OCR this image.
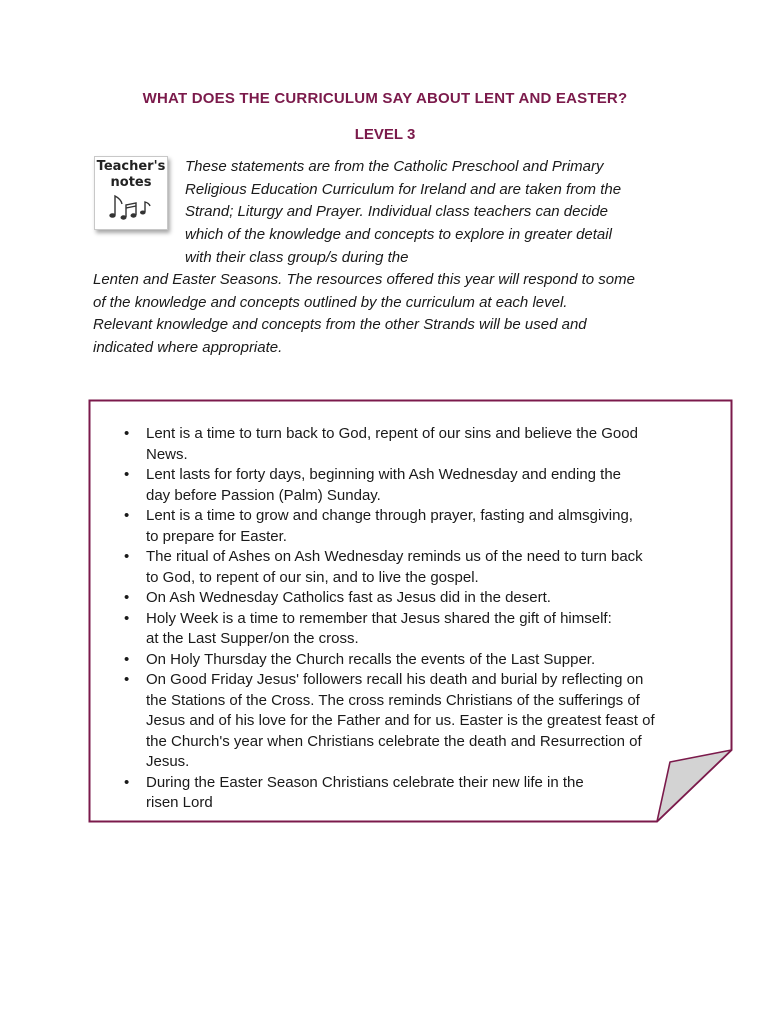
WHAT DOES THE CURRICULUM SAY ABOUT LENT AND EASTER?
LEVEL 3
Teacher's
notes
These statements are from the Catholic Preschool and Primary
Religious Education Curriculum for Ireland and are taken from the
Strand; Liturgy and Prayer. Individual class teachers can decide
which of the knowledge and concepts to explore in greater detail
with their class group/s during the
Lenten and Easter Seasons. The resources offered this year will respond to some
of the knowledge and concepts outlined by the curriculum at each level.
Relevant knowledge and concepts from the other Strands will be used and
indicated where appropriate.
• Lent is a time to turn back to God, repent of our sins and believe the Good
News.
• Lent lasts for forty days, beginning with Ash Wednesday and ending the
day before Passion (Palm) Sunday.
• Lent is a time to grow and change through prayer, fasting and almsgiving,
to prepare for Easter.
• The ritual of Ashes on Ash Wednesday reminds us of the need to turn back
to God, to repent of our sin, and to live the gospel.
• On Ash Wednesday Catholics fast as Jesus did in the desert.
• Holy Week is a time to remember that Jesus shared the gift of himself:
at the Last Supper/on the cross.
• On Holy Thursday the Church recalls the events of the Last Supper.
• On Good Friday Jesus' followers recall his death and burial by reflecting on
the Stations of the Cross. The cross reminds Christians of the sufferings of
Jesus and of his love for the Father and for us. Easter is the greatest feast of
the Church's year when Christians celebrate the death and Resurrection of
Jesus.
• During the Easter Season Christians celebrate their new life in the
risen Lord
